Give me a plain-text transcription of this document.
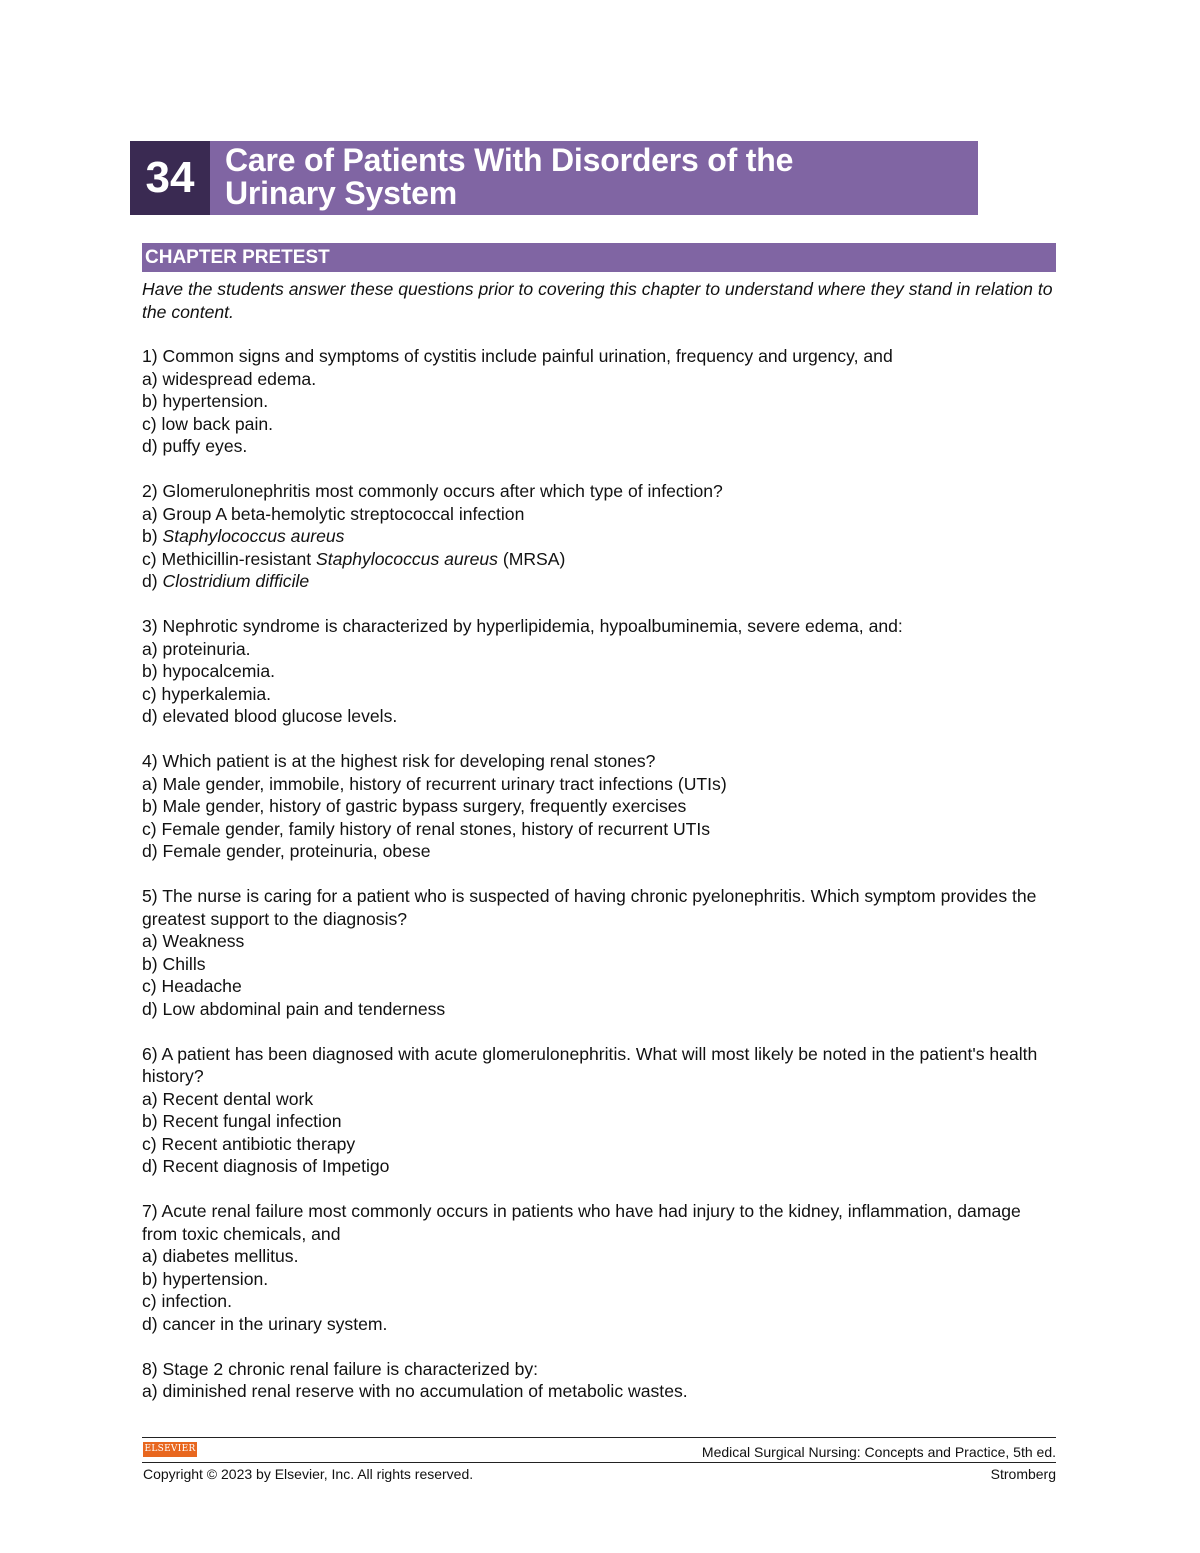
34 Care of Patients With Disorders of the
Urinary System
CHAPTER PRETEST

Have the students answer these questions prior to covering this chapter to understand where they stand in relation to the content.

1) Common signs and symptoms of cystitis include painful urination, frequency and urgency, and

a) widespread edema.

b) hypertension.

c) low back pain.

d) puffy eyes.

2) Glomerulonephritis most commonly occurs after which type of infection?

a) Group A beta-hemolytic streptococcal infection

b) Staphylococcus aureus

c) Methicillin-resistant Staphylococcus aureus (MRSA)

d) Clostridium difficile

3) Nephrotic syndrome is characterized by hyperlipidemia, hypoalbuminemia, severe edema, and:

a) proteinuria.

b) hypocalcemia.

c) hyperkalemia.

d) elevated blood glucose levels.

4) Which patient is at the highest risk for developing renal stones?

a) Male gender, immobile, history of recurrent urinary tract infections (UTIs)

b) Male gender, history of gastric bypass surgery, frequently exercises

c) Female gender, family history of renal stones, history of recurrent UTIs

d) Female gender, proteinuria, obese

5) The nurse is caring for a patient who is suspected of having chronic pyelonephritis. Which symptom provides the greatest support to the diagnosis?

a) Weakness

b) Chills

c) Headache

d) Low abdominal pain and tenderness

6) A patient has been diagnosed with acute glomerulonephritis. What will most likely be noted in the patient's health history?

a) Recent dental work

b) Recent fungal infection

c) Recent antibiotic therapy

d) Recent diagnosis of Impetigo

7) Acute renal failure most commonly occurs in patients who have had injury to the kidney, inflammation, damage from toxic chemicals, and

a) diabetes mellitus.

b) hypertension.

c) infection.

d) cancer in the urinary system.

8) Stage 2 chronic renal failure is characterized by:

a) diminished renal reserve with no accumulation of metabolic wastes.

ELSEVIER	Medical Surgical Nursing: Concepts and Practice, 5th ed.
Copyright © 2023 by Elsevier, Inc. All rights reserved.	Stromberg
